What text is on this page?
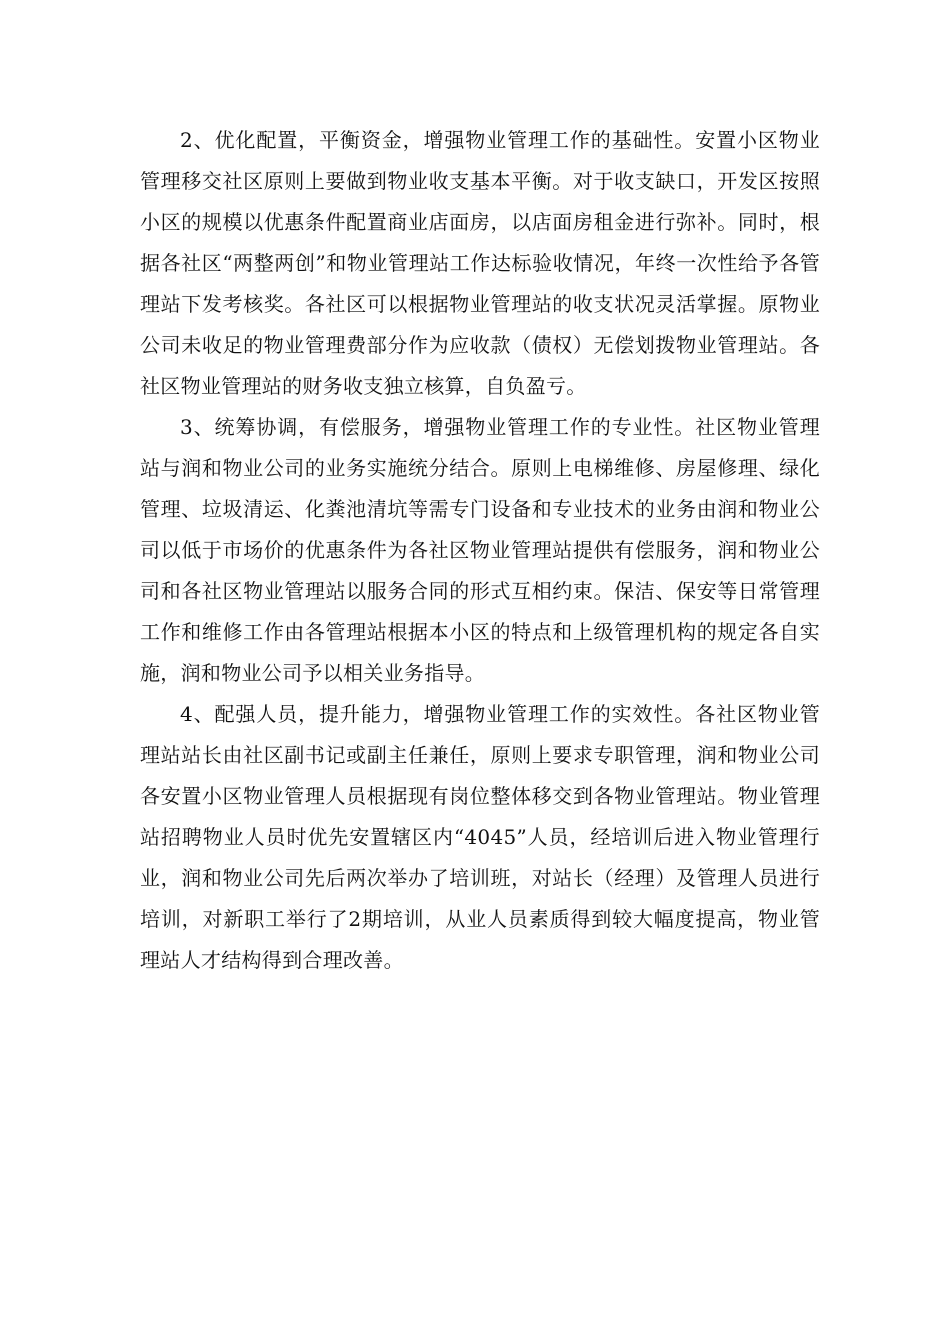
2、优化配置，平衡资金，增强物业管理工作的基础性。安置小区物业管理移交社区原则上要做到物业收支基本平衡。对于收支缺口，开发区按照小区的规模以优惠条件配置商业店面房，以店面房租金进行弥补。同时，根据各社区“两整两创”和物业管理站工作达标验收情况，年终一次性给予各管理站下发考核奖。各社区可以根据物业管理站的收支状况灵活掌握。原物业公司未收足的物业管理费部分作为应收款（债权）无偿划拨物业管理站。各社区物业管理站的财务收支独立核算，自负盈亏。

3、统筹协调，有偿服务，增强物业管理工作的专业性。社区物业管理站与润和物业公司的业务实施统分结合。原则上电梯维修、房屋修理、绿化管理、垃圾清运、化粪池清坑等需专门设备和专业技术的业务由润和物业公司以低于市场价的优惠条件为各社区物业管理站提供有偿服务，润和物业公司和各社区物业管理站以服务合同的形式互相约束。保洁、保安等日常管理工作和维修工作由各管理站根据本小区的特点和上级管理机构的规定各自实施，润和物业公司予以相关业务指导。

4、配强人员，提升能力，增强物业管理工作的实效性。各社区物业管理站站长由社区副书记或副主任兼任，原则上要求专职管理，润和物业公司各安置小区物业管理人员根据现有岗位整体移交到各物业管理站。物业管理站招聘物业人员时优先安置辖区内“4045”人员，经培训后进入物业管理行业，润和物业公司先后两次举办了培训班，对站长（经理）及管理人员进行培训，对新职工举行了2期培训，从业人员素质得到较大幅度提高，物业管理站人才结构得到合理改善。
